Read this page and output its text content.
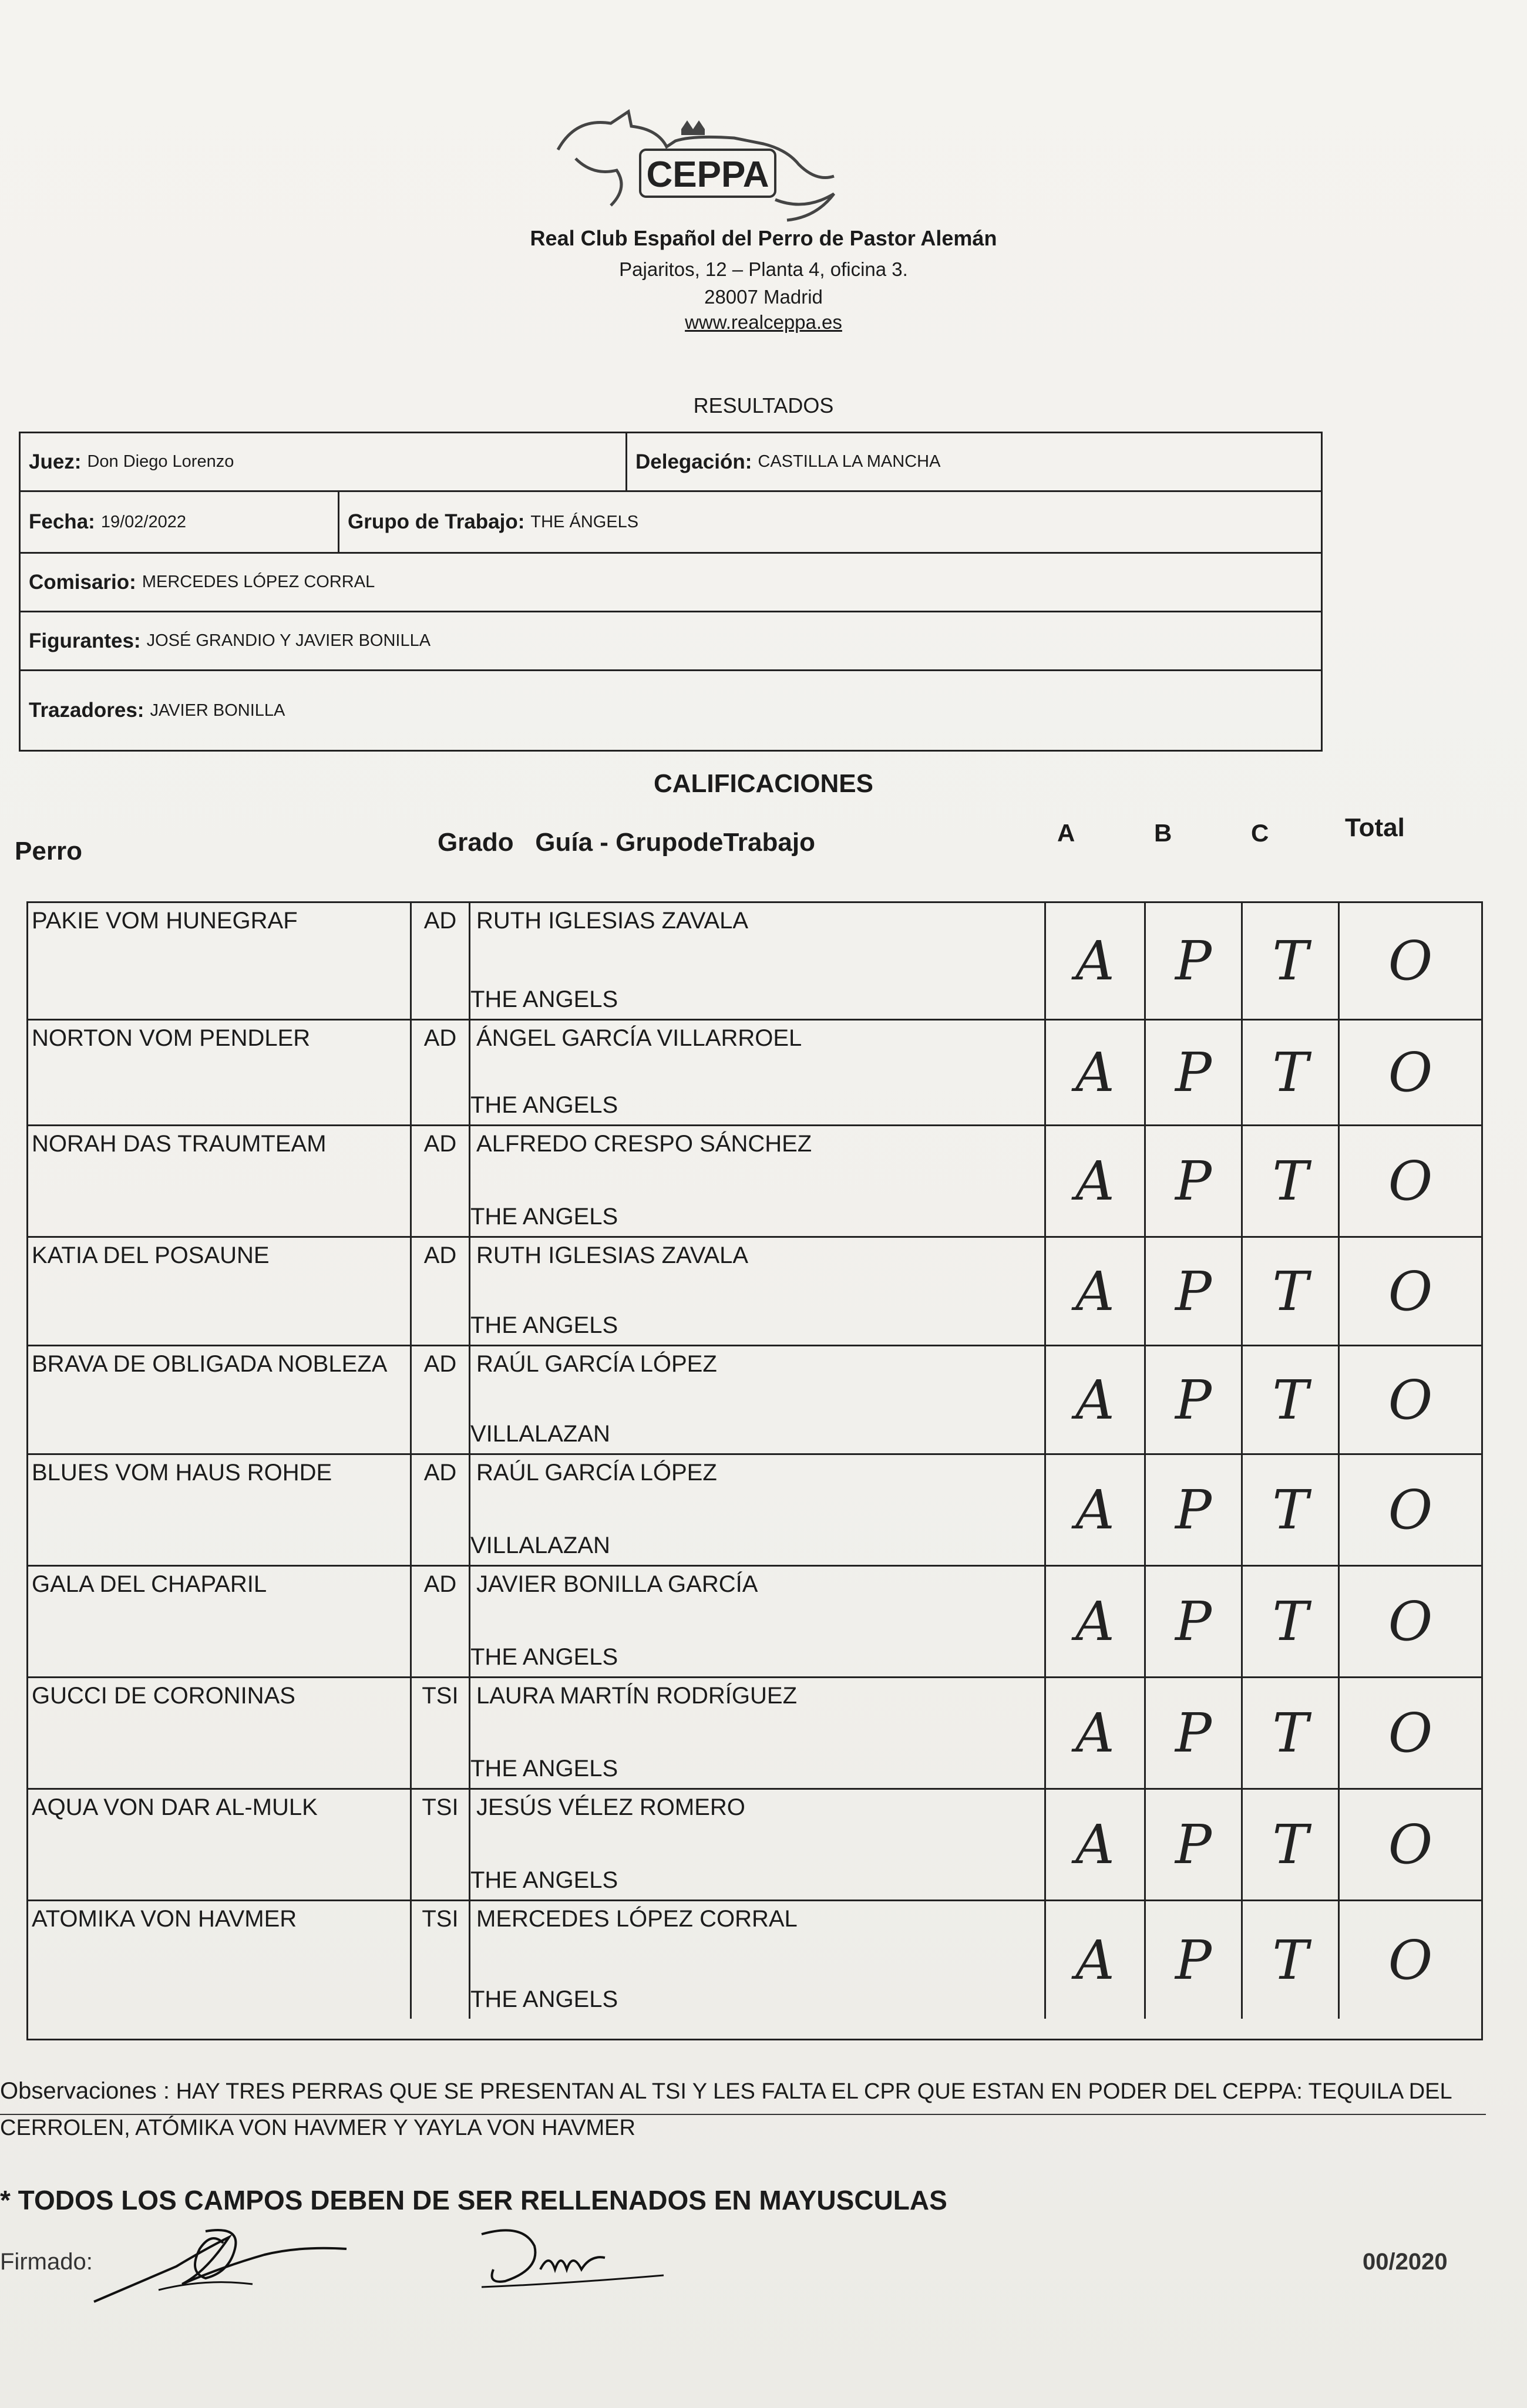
CEPPA
Real Club Español del Perro de Pastor Alemán
Pajaritos, 12 – Planta 4, oficina 3.
28007 Madrid
www.realceppa.es
RESULTADOS
Juez: Don Diego Lorenzo	Delegación: CASTILLA LA MANCHA
Fecha: 19/02/2022	Grupo de Trabajo: THE ÁNGELS
Comisario: MERCEDES LÓPEZ CORRAL
Figurantes: JOSÉ GRANDIO Y JAVIER BONILLA
Trazadores: JAVIER BONILLA
CALIFICACIONES
Perro	Grado   Guía - GrupodeTrabajo	A	B	C	Total
PAKIE VOM HUNEGRAF	AD RUTH IGLESIAS ZAVALA
THE ANGELS
A	P	T	O
NORTON VOM PENDLER	AD ÁNGEL GARCÍA VILLARROEL
THE ANGELS
A	P	T	O
NORAH DAS TRAUMTEAM	AD ALFREDO CRESPO SÁNCHEZ
THE ANGELS
A	P	T	O
KATIA DEL POSAUNE	AD RUTH IGLESIAS ZAVALA
THE ANGELS
A	P	T	O
BRAVA DE OBLIGADA NOBLEZA	AD RAÚL GARCÍA LÓPEZ
VILLALAZAN
A	P	T	O
BLUES VOM HAUS ROHDE	AD RAÚL GARCÍA LÓPEZ
VILLALAZAN
A	P	T	O
GALA DEL CHAPARIL	AD JAVIER BONILLA GARCÍA
THE ANGELS
A	P	T	O
GUCCI DE CORONINAS	TSI LAURA MARTÍN RODRÍGUEZ
THE ANGELS
A	P	T	O
AQUA VON DAR AL-MULK	TSI JESÚS VÉLEZ ROMERO
THE ANGELS
A	P	T	O
ATOMIKA VON HAVMER	TSI MERCEDES LÓPEZ CORRAL
THE ANGELS
A	P	T	O
Observaciones : HAY TRES PERRAS QUE SE PRESENTAN AL TSI Y LES FALTA EL CPR QUE ESTAN EN PODER DEL CEPPA: TEQUILA DEL CERROLEN, ATÓMIKA VON HAVMER Y YAYLA VON HAVMER
* TODOS LOS CAMPOS DEBEN DE SER RELLENADOS EN MAYUSCULAS
Firmado:	00/2020
